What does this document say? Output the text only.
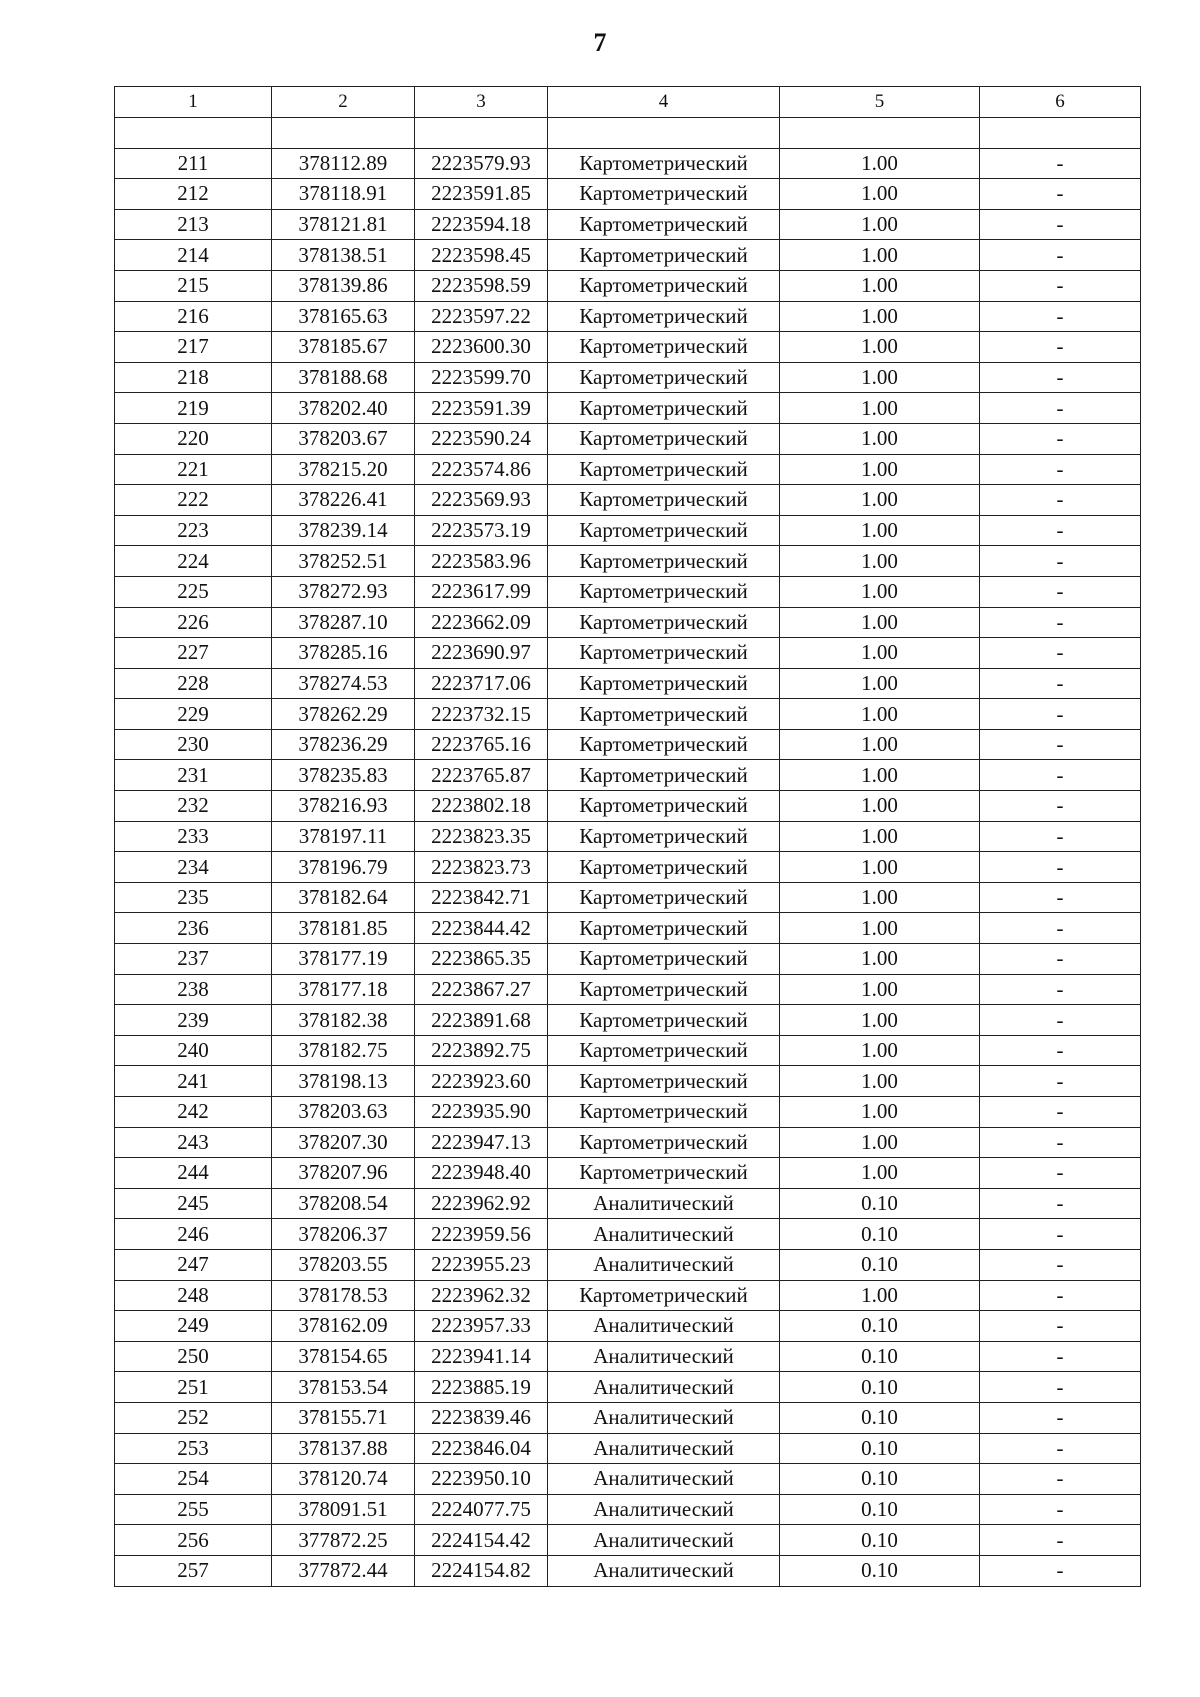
7
1	2	3	4	5	6

211	378112.89	2223579.93	Картометрический	1.00	-
212	378118.91	2223591.85	Картометрический	1.00	-
213	378121.81	2223594.18	Картометрический	1.00	-
214	378138.51	2223598.45	Картометрический	1.00	-
215	378139.86	2223598.59	Картометрический	1.00	-
216	378165.63	2223597.22	Картометрический	1.00	-
217	378185.67	2223600.30	Картометрический	1.00	-
218	378188.68	2223599.70	Картометрический	1.00	-
219	378202.40	2223591.39	Картометрический	1.00	-
220	378203.67	2223590.24	Картометрический	1.00	-
221	378215.20	2223574.86	Картометрический	1.00	-
222	378226.41	2223569.93	Картометрический	1.00	-
223	378239.14	2223573.19	Картометрический	1.00	-
224	378252.51	2223583.96	Картометрический	1.00	-
225	378272.93	2223617.99	Картометрический	1.00	-
226	378287.10	2223662.09	Картометрический	1.00	-
227	378285.16	2223690.97	Картометрический	1.00	-
228	378274.53	2223717.06	Картометрический	1.00	-
229	378262.29	2223732.15	Картометрический	1.00	-
230	378236.29	2223765.16	Картометрический	1.00	-
231	378235.83	2223765.87	Картометрический	1.00	-
232	378216.93	2223802.18	Картометрический	1.00	-
233	378197.11	2223823.35	Картометрический	1.00	-
234	378196.79	2223823.73	Картометрический	1.00	-
235	378182.64	2223842.71	Картометрический	1.00	-
236	378181.85	2223844.42	Картометрический	1.00	-
237	378177.19	2223865.35	Картометрический	1.00	-
238	378177.18	2223867.27	Картометрический	1.00	-
239	378182.38	2223891.68	Картометрический	1.00	-
240	378182.75	2223892.75	Картометрический	1.00	-
241	378198.13	2223923.60	Картометрический	1.00	-
242	378203.63	2223935.90	Картометрический	1.00	-
243	378207.30	2223947.13	Картометрический	1.00	-
244	378207.96	2223948.40	Картометрический	1.00	-
245	378208.54	2223962.92	Аналитический	0.10	-
246	378206.37	2223959.56	Аналитический	0.10	-
247	378203.55	2223955.23	Аналитический	0.10	-
248	378178.53	2223962.32	Картометрический	1.00	-
249	378162.09	2223957.33	Аналитический	0.10	-
250	378154.65	2223941.14	Аналитический	0.10	-
251	378153.54	2223885.19	Аналитический	0.10	-
252	378155.71	2223839.46	Аналитический	0.10	-
253	378137.88	2223846.04	Аналитический	0.10	-
254	378120.74	2223950.10	Аналитический	0.10	-
255	378091.51	2224077.75	Аналитический	0.10	-
256	377872.25	2224154.42	Аналитический	0.10	-
257	377872.44	2224154.82	Аналитический	0.10	-
